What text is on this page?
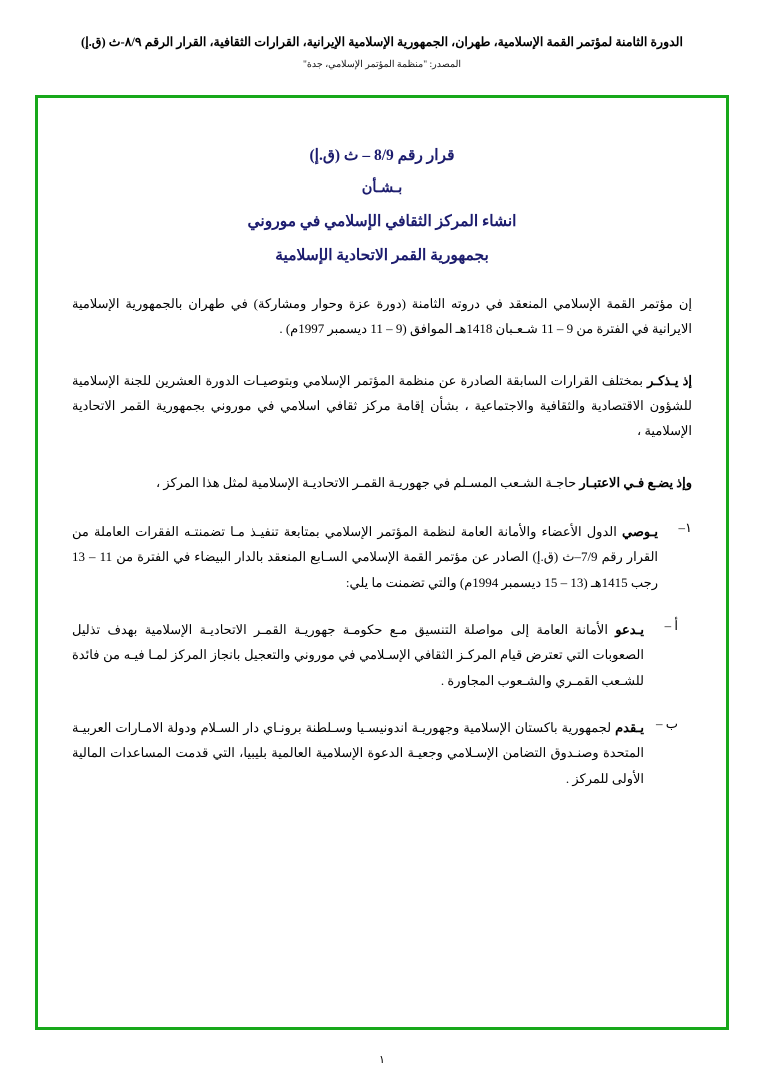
الدورة الثامنة لمؤتمر القمة الإسلامية، طهران، الجمهورية الإسلامية الإيرانية، القرارات الثقافية، القرار الرقم ٨/٩-ث (ق.إ)
المصدر: "منظمة المؤتمر الإسلامي، جدة"
قرار رقم 8/9 – ث (ق.إ)
بـشـأن
انشاء المركز الثقافي الإسلامي في موروني
بجمهورية القمر الاتحادية الإسلامية

إن مؤتمر القمة الإسلامي المنعقد في دروته الثامنة (دورة عزة وحوار ومشاركة) في طهران بالجمهورية الإسلامية الايرانية في الفترة من 9 – 11 شـعـبان 1418هـ الموافق (9 – 11 ديسمبر 1997م) .

إذ يـذكـر بمختلف القرارات السابقة الصادرة عن منظمة المؤتمر الإسلامي وبتوصيـات الدورة العشرين للجنة الإسلامية للشؤون الاقتصادية والثقافية والاجتماعية ، بشأن إقامة مركز ثقافي اسلامي في موروني بجمهورية القمر الاتحادية الإسلامية ،

وإذ يضـع فـي الاعتبـار حاجـة الشـعب المسـلم في جهوريـة القمـر الاتحاديـة الإسلامية لمثل هذا المركز ،

١–
يـوصي الدول الأعضاء والأمانة العامة لنظمة المؤتمر الإسلامي بمتابعة تنفيـذ مـا تضمنتـه الفقرات العاملة من القرار رقم 7/9–ث (ق.إ) الصادر عن مؤتمر القمة الإسلامي السـابع المنعقد بالدار البيضاء في الفترة من 11 – 13 رجب 1415هـ (13 – 15 ديسمبر 1994م) والتي تضمنت ما يلي:
أ –
يـدعو الأمانة العامة إلى مواصلة التنسيق مـع حكومـة جهوريـة القمـر الاتحاديـة الإسلامية بهدف تذليل الصعوبات التي تعترض قيام المركـز الثقافي الإسـلامي في موروني والتعجيل بانجاز المركز لمـا فيـه من فائدة للشـعب القمـري والشـعوب المجاورة .
ب –
يـقدم لجمهورية باكستان الإسلامية وجهوريـة اندونيسـيا وسـلطنة برونـاي دار السـلام ودولة الامـارات العربيـة المتحدة وصنـدوق التضامن الإسـلامي وجعيـة الدعوة الإسلامية العالمية بليبيا، التي قدمت المساعدات المالية الأولى للمركز .
١
